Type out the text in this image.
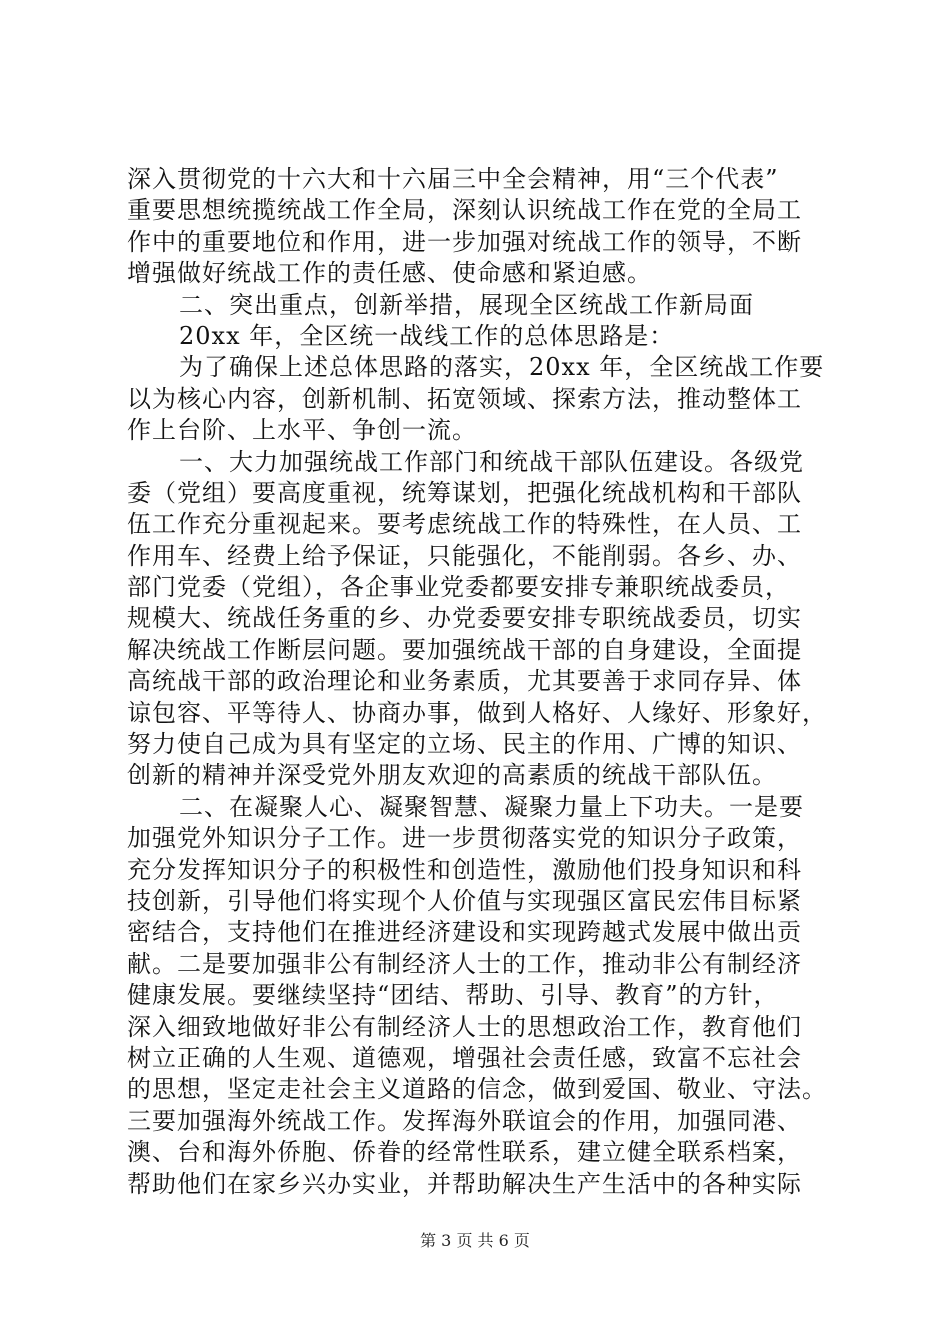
深入贯彻党的十六大和十六届三中全会精神，用“三个代表”
重要思想统揽统战工作全局，深刻认识统战工作在党的全局工
作中的重要地位和作用，进一步加强对统战工作的领导，不断
增强做好统战工作的责任感、使命感和紧迫感。
二、突出重点，创新举措，展现全区统战工作新局面
20xx 年，全区统一战线工作的总体思路是：
为了确保上述总体思路的落实，20xx 年，全区统战工作要
以为核心内容，创新机制、拓宽领域、探索方法，推动整体工
作上台阶、上水平、争创一流。
一、大力加强统战工作部门和统战干部队伍建设。各级党
委（党组）要高度重视，统筹谋划，把强化统战机构和干部队
伍工作充分重视起来。要考虑统战工作的特殊性，在人员、工
作用车、经费上给予保证，只能强化，不能削弱。各乡、办、
部门党委（党组），各企事业党委都要安排专兼职统战委员，
规模大、统战任务重的乡、办党委要安排专职统战委员，切实
解决统战工作断层问题。要加强统战干部的自身建设，全面提
高统战干部的政治理论和业务素质，尤其要善于求同存异、体
谅包容、平等待人、协商办事，做到人格好、人缘好、形象好，
努力使自己成为具有坚定的立场、民主的作用、广博的知识、
创新的精神并深受党外朋友欢迎的高素质的统战干部队伍。
二、在凝聚人心、凝聚智慧、凝聚力量上下功夫。一是要
加强党外知识分子工作。进一步贯彻落实党的知识分子政策，
充分发挥知识分子的积极性和创造性，激励他们投身知识和科
技创新，引导他们将实现个人价值与实现强区富民宏伟目标紧
密结合，支持他们在推进经济建设和实现跨越式发展中做出贡
献。二是要加强非公有制经济人士的工作，推动非公有制经济
健康发展。要继续坚持“团结、帮助、引导、教育”的方针，
深入细致地做好非公有制经济人士的思想政治工作，教育他们
树立正确的人生观、道德观，增强社会责任感，致富不忘社会
的思想，坚定走社会主义道路的信念，做到爱国、敬业、守法。
三要加强海外统战工作。发挥海外联谊会的作用，加强同港、
澳、台和海外侨胞、侨眷的经常性联系，建立健全联系档案，
帮助他们在家乡兴办实业，并帮助解决生产生活中的各种实际
第 3 页 共 6 页
